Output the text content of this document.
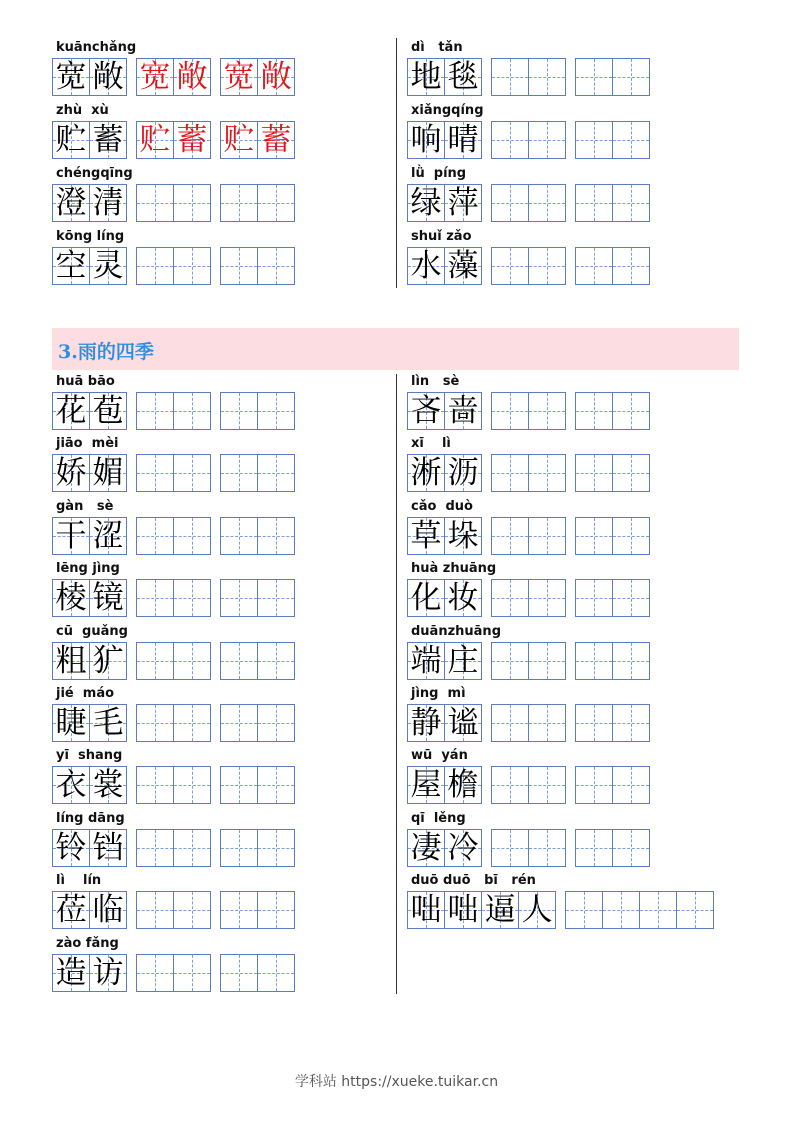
3.雨的四季
kuānchǎng
宽 敞 宽 敞 宽 敞
zhù  xù
贮 蓄 贮 蓄 贮 蓄
chéngqīng
澄 清
kōng líng
空 灵
dì   tǎn
地 毯
xiǎngqíng
响 晴
lǜ  píng
绿 萍
shuǐ zǎo
水 藻
huā bāo
花 苞
jiāo  mèi
娇 媚
gàn   sè
干 涩
lēng jìng
棱 镜
cū  guǎng
粗 犷
jié  máo
睫 毛
yī  shang
衣 裳
líng dāng
铃 铛
lì    lín
莅 临
zào fǎng
造 访
lìn   sè
吝 啬
xī    lì
淅 沥
cǎo  duò
草 垛
huà zhuāng
化 妆
duānzhuāng
端 庄
jìng  mì
静 谧
wū  yán
屋 檐
qī  lěng
凄 冷
duō duō   bī   rén
咄 咄 逼 人
学科站 https://xueke.tuikar.cn
